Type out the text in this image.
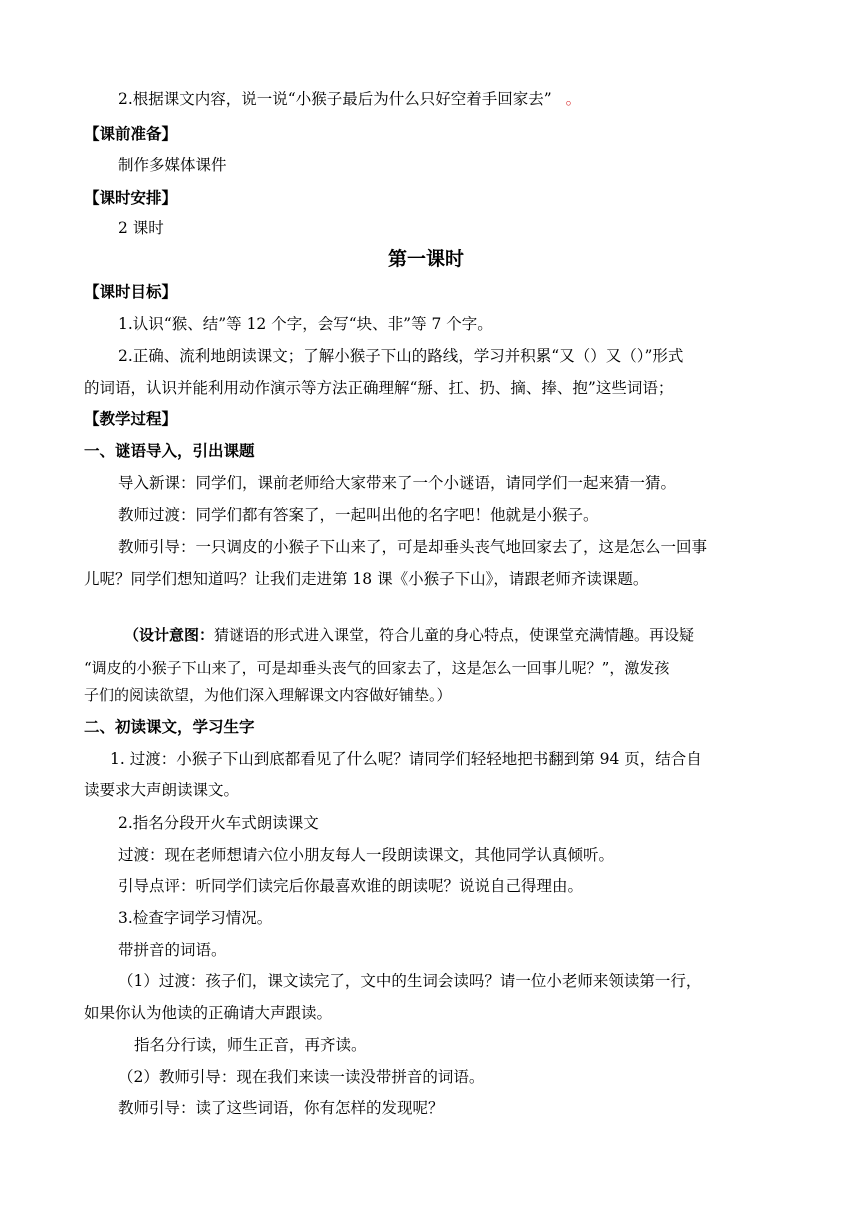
2.根据课文内容，说一说“小猴子最后为什么只好空着手回家去” 。
【课前准备】
制作多媒体课件
【课时安排】
2 课时
第一课时
【课时目标】
1.认识“猴、结”等 12 个字，会写“块、非”等 7 个字。
2.正确、流利地朗读课文；了解小猴子下山的路线，学习并积累“又（）又（）”形式
的词语，认识并能利用动作演示等方法正确理解“掰、扛、扔、摘、捧、抱”这些词语；
【教学过程】
一、谜语导入，引出课题
导入新课：同学们，课前老师给大家带来了一个小谜语，请同学们一起来猜一猜。
教师过渡：同学们都有答案了，一起叫出他的名字吧！他就是小猴子。
教师引导：一只调皮的小猴子下山来了，可是却垂头丧气地回家去了，这是怎么一回事
儿呢？同学们想知道吗？让我们走进第 18 课《小猴子下山》，请跟老师齐读课题。
（设计意图：猜谜语的形式进入课堂，符合儿童的身心特点，使课堂充满情趣。再设疑
“调皮的小猴子下山来了，可是却垂头丧气的回家去了，这是怎么一回事儿呢？”，激发孩
子们的阅读欲望，为他们深入理解课文内容做好铺垫。）
二、初读课文，学习生字
1. 过渡：小猴子下山到底都看见了什么呢？请同学们轻轻地把书翻到第 94 页，结合自
读要求大声朗读课文。
2.指名分段开火车式朗读课文
过渡：现在老师想请六位小朋友每人一段朗读课文，其他同学认真倾听。
引导点评：听同学们读完后你最喜欢谁的朗读呢？说说自己得理由。
3.检查字词学习情况。
带拼音的词语。
（1）过渡：孩子们，课文读完了，文中的生词会读吗？请一位小老师来领读第一行，
如果你认为他读的正确请大声跟读。
指名分行读，师生正音，再齐读。
（2）教师引导：现在我们来读一读没带拼音的词语。
教师引导：读了这些词语，你有怎样的发现呢？
